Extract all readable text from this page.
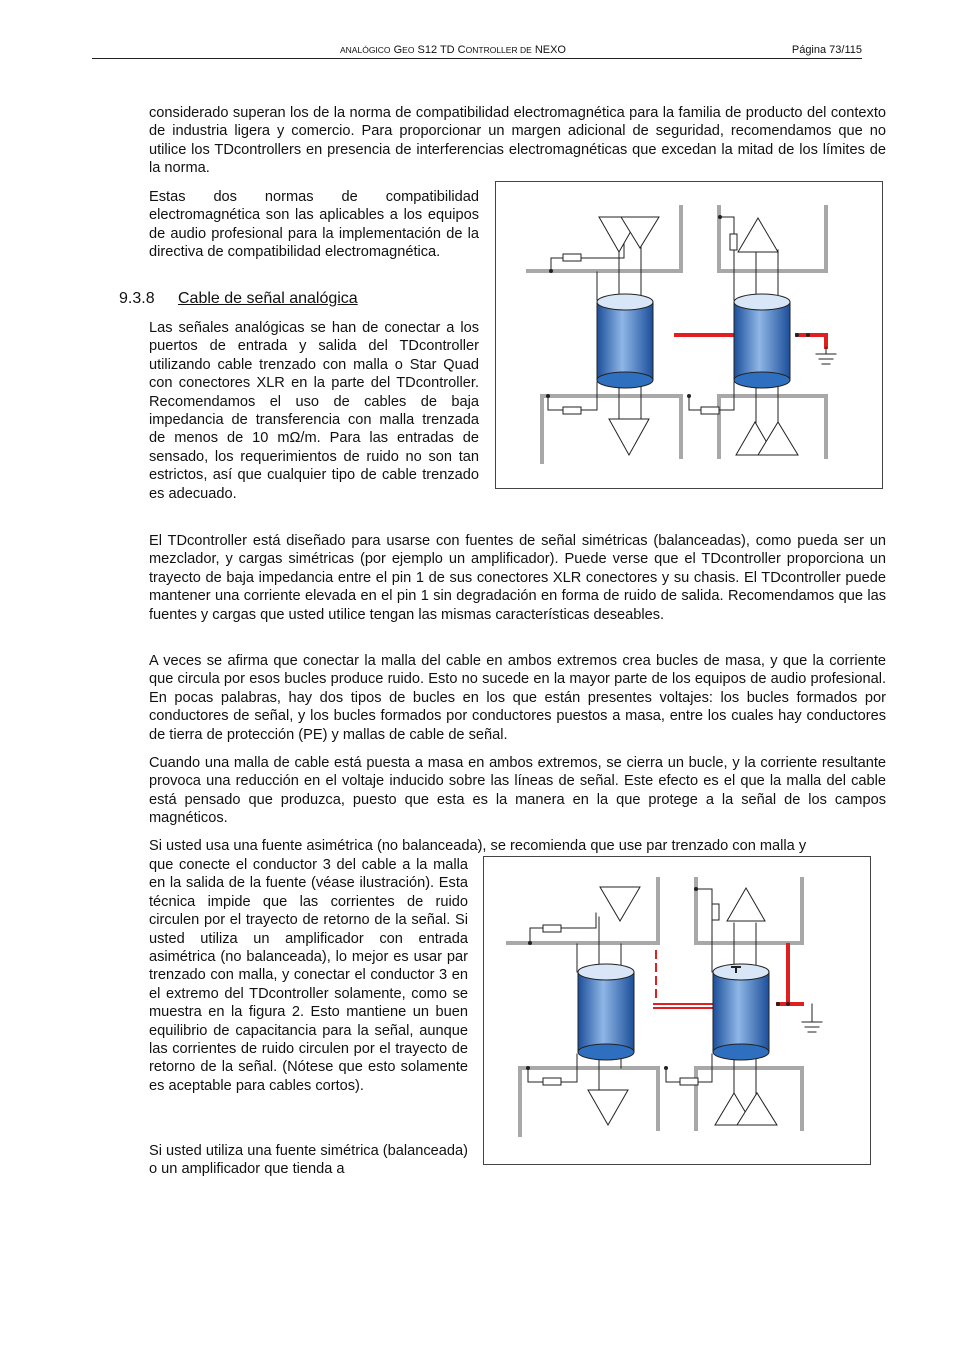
ANALÓGICO GEO S12 TD CONTROLLER DE NEXO	Página 73/115

considerado superan los de la norma de compatibilidad electromagnética para la familia de producto del contexto de industria ligera y comercio. Para proporcionar un margen adicional de seguridad, recomendamos que no utilice los TDcontrollers en presencia de interferencias electromagnéticas que excedan la mitad de los límites de la norma.

Estas dos normas de compatibilidad electromagnética son las aplicables a los equipos de audio profesional para la implementación de la directiva de compatibilidad electromagnética.

9.3.8 Cable de señal analógica

Las señales analógicas se han de conectar a los puertos de entrada y salida del TDcontroller utilizando cable trenzado con malla o Star Quad con conectores XLR en la parte del TDcontroller. Recomendamos el uso de cables de baja impedancia de transferencia con malla trenzada de menos de 10 mΩ/m. Para las entradas de sensado, los requerimientos de ruido no son tan estrictos, así que cualquier tipo de cable trenzado es adecuado.

El TDcontroller está diseñado para usarse con fuentes de señal simétricas (balanceadas), como pueda ser un mezclador, y cargas simétricas (por ejemplo un amplificador). Puede verse que el TDcontroller proporciona un trayecto de baja impedancia entre el pin 1 de sus conectores XLR conectores y su chasis. El TDcontroller puede mantener una corriente elevada en el pin 1 sin degradación en forma de ruido de salida. Recomendamos que las fuentes y cargas que usted utilice tengan las mismas características deseables.

A veces se afirma que conectar la malla del cable en ambos extremos crea bucles de masa, y que la corriente que circula por esos bucles produce ruido. Esto no sucede en la mayor parte de los equipos de audio profesional. En pocas palabras, hay dos tipos de bucles en los que están presentes voltajes: los bucles formados por conductores de señal, y los bucles formados por conductores puestos a masa, entre los cuales hay conductores de tierra de protección (PE) y mallas de cable de señal.

Cuando una malla de cable está puesta a masa en ambos extremos, se cierra un bucle, y la corriente resultante provoca una reducción en el voltaje inducido sobre las líneas de señal. Este efecto es el que la malla del cable está pensado que produzca, puesto que esta es la manera en la que protege a la señal de los campos magnéticos.

Si usted usa una fuente asimétrica (no balanceada), se recomienda que use par trenzado con malla y

que conecte el conductor 3 del cable a la malla en la salida de la fuente (véase ilustración). Esta técnica impide que las corrientes de ruido circulen por el trayecto de retorno de la señal. Si usted utiliza un amplificador con entrada asimétrica (no balanceada), lo mejor es usar par trenzado con malla, y conectar el conductor 3 en el extremo del TDcontroller solamente, como se muestra en la figura 2. Esto mantiene un buen equilibrio de capacitancia para la señal, aunque las corrientes de ruido circulen por el trayecto de retorno de la señal. (Nótese que esto solamente es aceptable para cables cortos).

Si usted utiliza una fuente simétrica (balanceada) o un amplificador que tienda a
